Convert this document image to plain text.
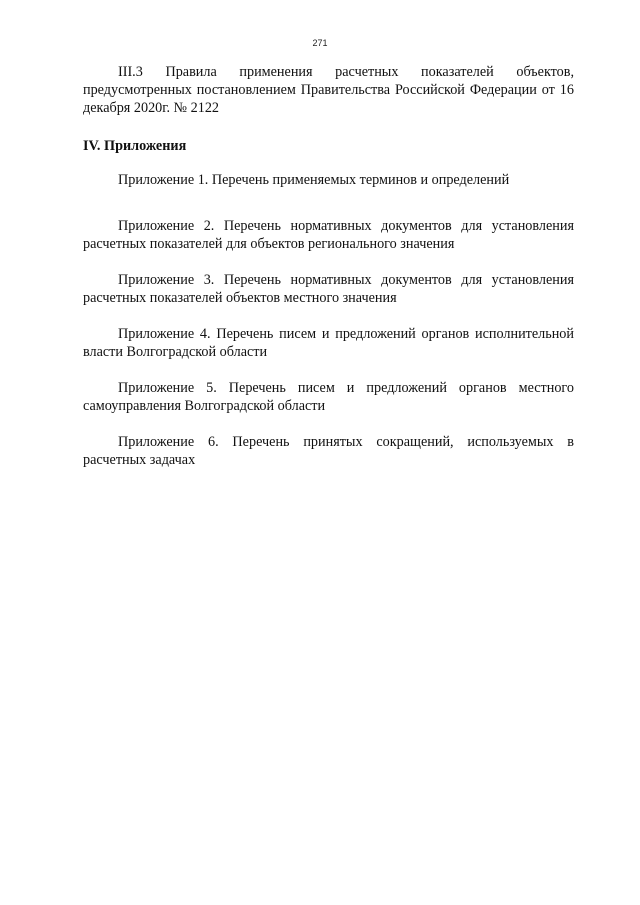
271

III.3 Правила применения расчетных показателей объектов, предусмотренных постановлением Правительства Российской Федерации от 16 декабря 2020г. № 2122

IV. Приложения

Приложение 1. Перечень применяемых терминов и определений

Приложение 2. Перечень нормативных документов для установления расчетных показателей для объектов регионального значения

Приложение 3. Перечень нормативных документов для установления расчетных показателей объектов местного значения

Приложение 4. Перечень писем и предложений органов исполнительной власти Волгоградской области

Приложение 5. Перечень писем и предложений органов местного самоуправления Волгоградской области

Приложение 6. Перечень принятых сокращений, используемых в расчетных задачах
